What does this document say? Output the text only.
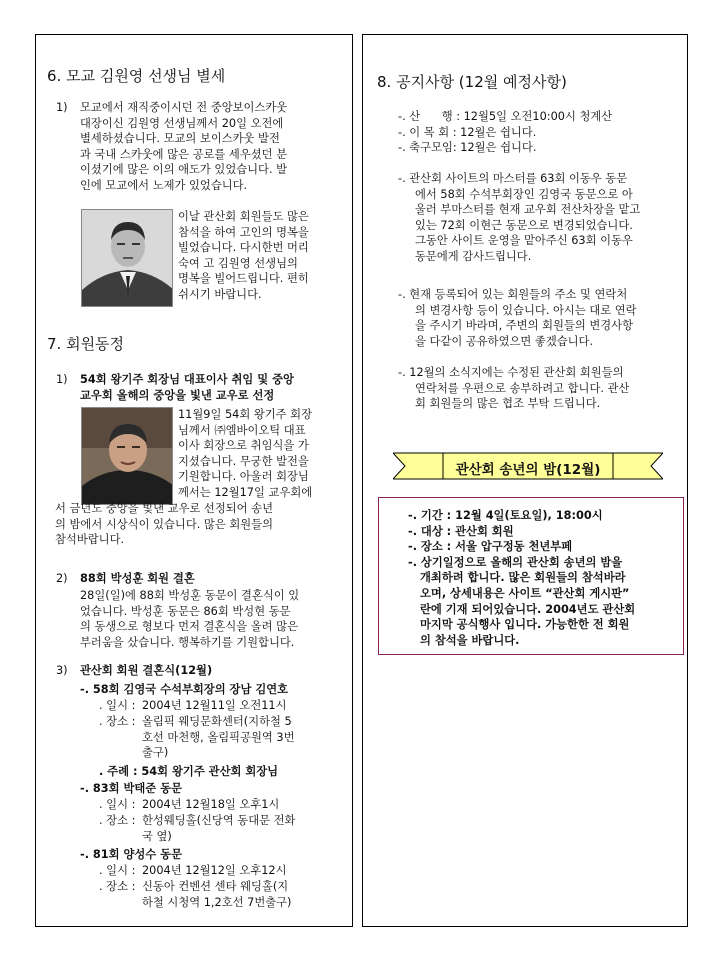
6. 모교 김원영 선생님 별세
1) 모교에서 재직중이시던 전 중앙보이스카웃
대장이신 김원영 선생님께서 20일 오전에
별세하셨습니다. 모교의 보이스카웃 발전
과 국내 스카웃에 많은 공로를 세우셨던 분
이셨기에 많은 이의 애도가 있었습니다. 발
인에 모교에서 노제가 있었습니다.
이날 관산회 회원들도 많은
참석을 하여 고인의 명복을
빌었습니다. 다시한번 머리
숙여 고 김원영 선생님의
명복을 빌어드립니다. 편히
쉬시기 바랍니다.
7. 회원동정
1) 54회 왕기주 회장님 대표이사 취임 및 중앙
교우회 올해의 중앙을 빛낸 교우로 선정
11월9일 54회 왕기주 회장
님께서 ㈜엠바이오틱 대표
이사 회장으로 취임식을 가
지셨습니다. 무궁한 발전을
기원합니다. 아울러 회장님
께서는 12월17일 교우회에
서 금년도 중앙을 빛낸 교우로 선정되어 송년
의 밤에서 시상식이 있습니다. 많은 회원들의
참석바랍니다.
2) 88회 박성훈 회원 결혼
28일(일)에 88회 박성훈 동문이 결혼식이 있
었습니다. 박성훈 동문은 86회 박성현 동문
의 동생으로 형보다 먼저 결혼식을 올려 많은
부러움을 샀습니다. 행복하기를 기원합니다.
3) 관산회 회원 결혼식(12월)
-. 58회 김영국 수석부회장의 장남 김연호
. 일시 : 2004년 12월11일 오전11시
. 장소 : 올림픽 웨딩문화센터(지하철 5
호선 마천행, 올림픽공원역 3번
출구)
. 주례 : 54회 왕기주 관산회 회장님
-. 83회 박태준 동문
. 일시 : 2004년 12월18일 오후1시
. 장소 : 한성웨딩홀(신당역 동대문 전화
국 옆)
-. 81회 양성수 동문
. 일시 : 2004년 12월12일 오후12시
. 장소 : 신동아 컨벤션 센타 웨딩홀(지
하철 시청역 1,2호선 7번출구)
8. 공지사항 (12월 예정사항)
-. 산      행 : 12월5일 오전10:00시 청계산
-. 이 목 회 : 12월은 쉽니다.
-. 축구모임: 12월은 쉽니다.
-. 관산회 사이트의 마스터를 63회 이동우 동문
에서 58회 수석부회장인 김영국 동문으로 아
울러 부마스터를 현재 교우회 전산차장을 맡고
있는 72회 이현근 동문으로 변경되었습니다.
그동안 사이트 운영을 맡아주신 63회 이동우
동문에게 감사드립니다.
-. 현재 등록되어 있는 회원들의 주소 및 연락처
의 변경사항 등이 있습니다. 아시는 대로 연락
을 주시기 바라며, 주변의 회원들의 변경사항
을 다같이 공유하였으면 좋겠습니다.
-. 12월의 소식지에는 수정된 관산회 회원들의
연락처를 우편으로 송부하려고 합니다. 관산
회 회원들의 많은 협조 부탁 드립니다.
관산회 송년의 밤(12월)
-. 기간 : 12월 4일(토요일), 18:00시
-. 대상 : 관산회 회원
-. 장소 : 서울 압구정동 천년부페
-. 상기일정으로 올해의 관산회 송년의 밤을
개최하려 합니다. 많은 회원들의 참석바라
오며, 상세내용은 사이트 “관산회 게시판”
란에 기재 되어있습니다. 2004년도 관산회
마지막 공식행사 입니다. 가능한한 전 회원
의 참석을 바랍니다.
